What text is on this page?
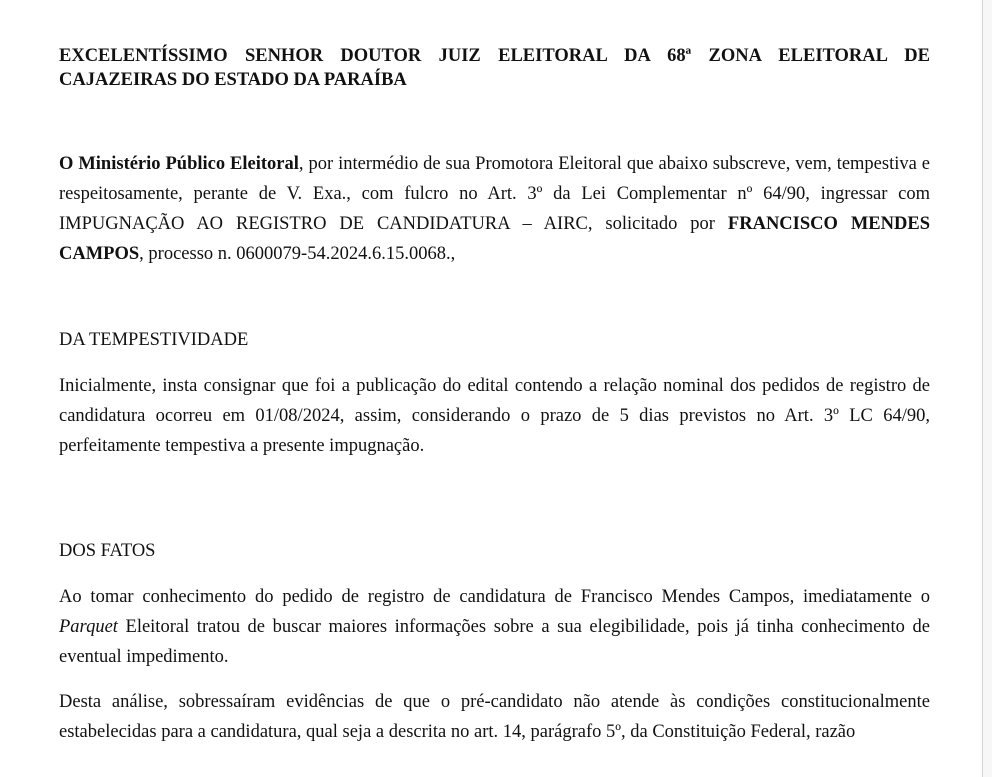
EXCELENTÍSSIMO SENHOR DOUTOR JUIZ ELEITORAL DA 68ª ZONA ELEITORAL DE
CAJAZEIRAS DO ESTADO DA PARAÍBA

O Ministério Público Eleitoral, por intermédio de sua Promotora Eleitoral que abaixo subscreve, vem, tempestiva e respeitosamente, perante de V. Exa., com fulcro no Art. 3º da Lei Complementar nº 64/90, ingressar com IMPUGNAÇÃO AO REGISTRO DE CANDIDATURA – AIRC, solicitado por FRANCISCO MENDES CAMPOS, processo n. 0600079-54.2024.6.15.0068.,

DA TEMPESTIVIDADE

Inicialmente, insta consignar que foi a publicação do edital contendo a relação nominal dos pedidos de registro de candidatura ocorreu em 01/08/2024, assim, considerando o prazo de 5 dias previstos no Art. 3º LC 64/90, perfeitamente tempestiva a presente impugnação.

DOS FATOS

Ao tomar conhecimento do pedido de registro de candidatura de Francisco Mendes Campos, imediatamente o Parquet Eleitoral tratou de buscar maiores informações sobre a sua elegibilidade, pois já tinha conhecimento de eventual impedimento.

Desta análise, sobressaíram evidências de que o pré-candidato não atende às condições constitucionalmente estabelecidas para a candidatura, qual seja a descrita no art. 14, parágrafo 5º, da Constituição Federal, razão
